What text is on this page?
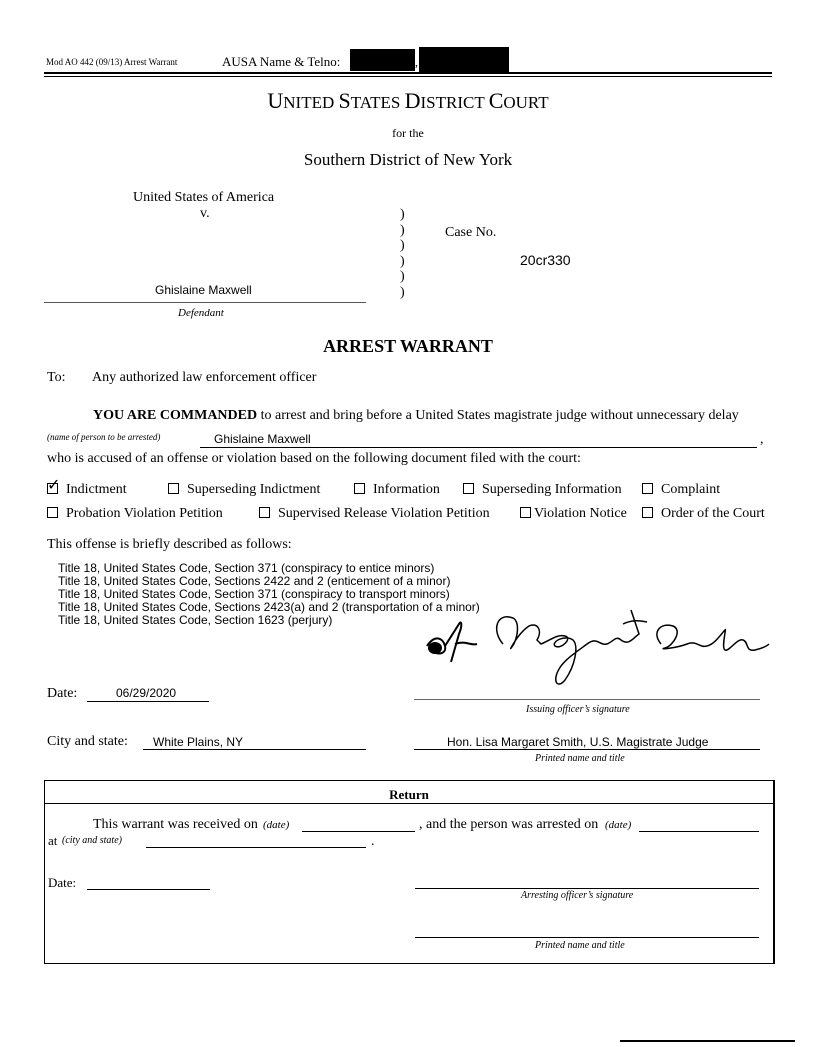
Mod AO 442 (09/13) Arrest Warrant	AUSA Name & Telno:	,
UNITED STATES DISTRICT COURT
for the
Southern District of New York
United States of America
v.	)
)
)
)
)
)
Case No.
20cr330
Ghislaine Maxwell
Defendant
ARREST WARRANT
To: Any authorized law enforcement officer
YOU ARE COMMANDED to arrest and bring before a United States magistrate judge without unnecessary delay
(name of person to be arrested)	Ghislaine Maxwell	,
who is accused of an offense or violation based on the following document filed with the court:
✓Indictment	Superseding Indictment	Information	Superseding Information	Complaint
Probation Violation Petition	Supervised Release Violation Petition	Violation Notice	Order of the Court
This offense is briefly described as follows:
Title 18, United States Code, Section 371 (conspiracy to entice minors)
Title 18, United States Code, Sections 2422 and 2 (enticement of a minor)
Title 18, United States Code, Section 371 (conspiracy to transport minors)
Title 18, United States Code, Sections 2423(a) and 2 (transportation of a minor)
Title 18, United States Code, Section 1623 (perjury)
Date:	06/29/2020
Issuing officer’s signature
City and state: White Plains, NY	Hon. Lisa Margaret Smith, U.S. Magistrate Judge
Printed name and title
Return
This warrant was received on (date)	, and the person was arrested on (date)
at (city and state)	.
Date:
Arresting officer’s signature
Printed name and title
